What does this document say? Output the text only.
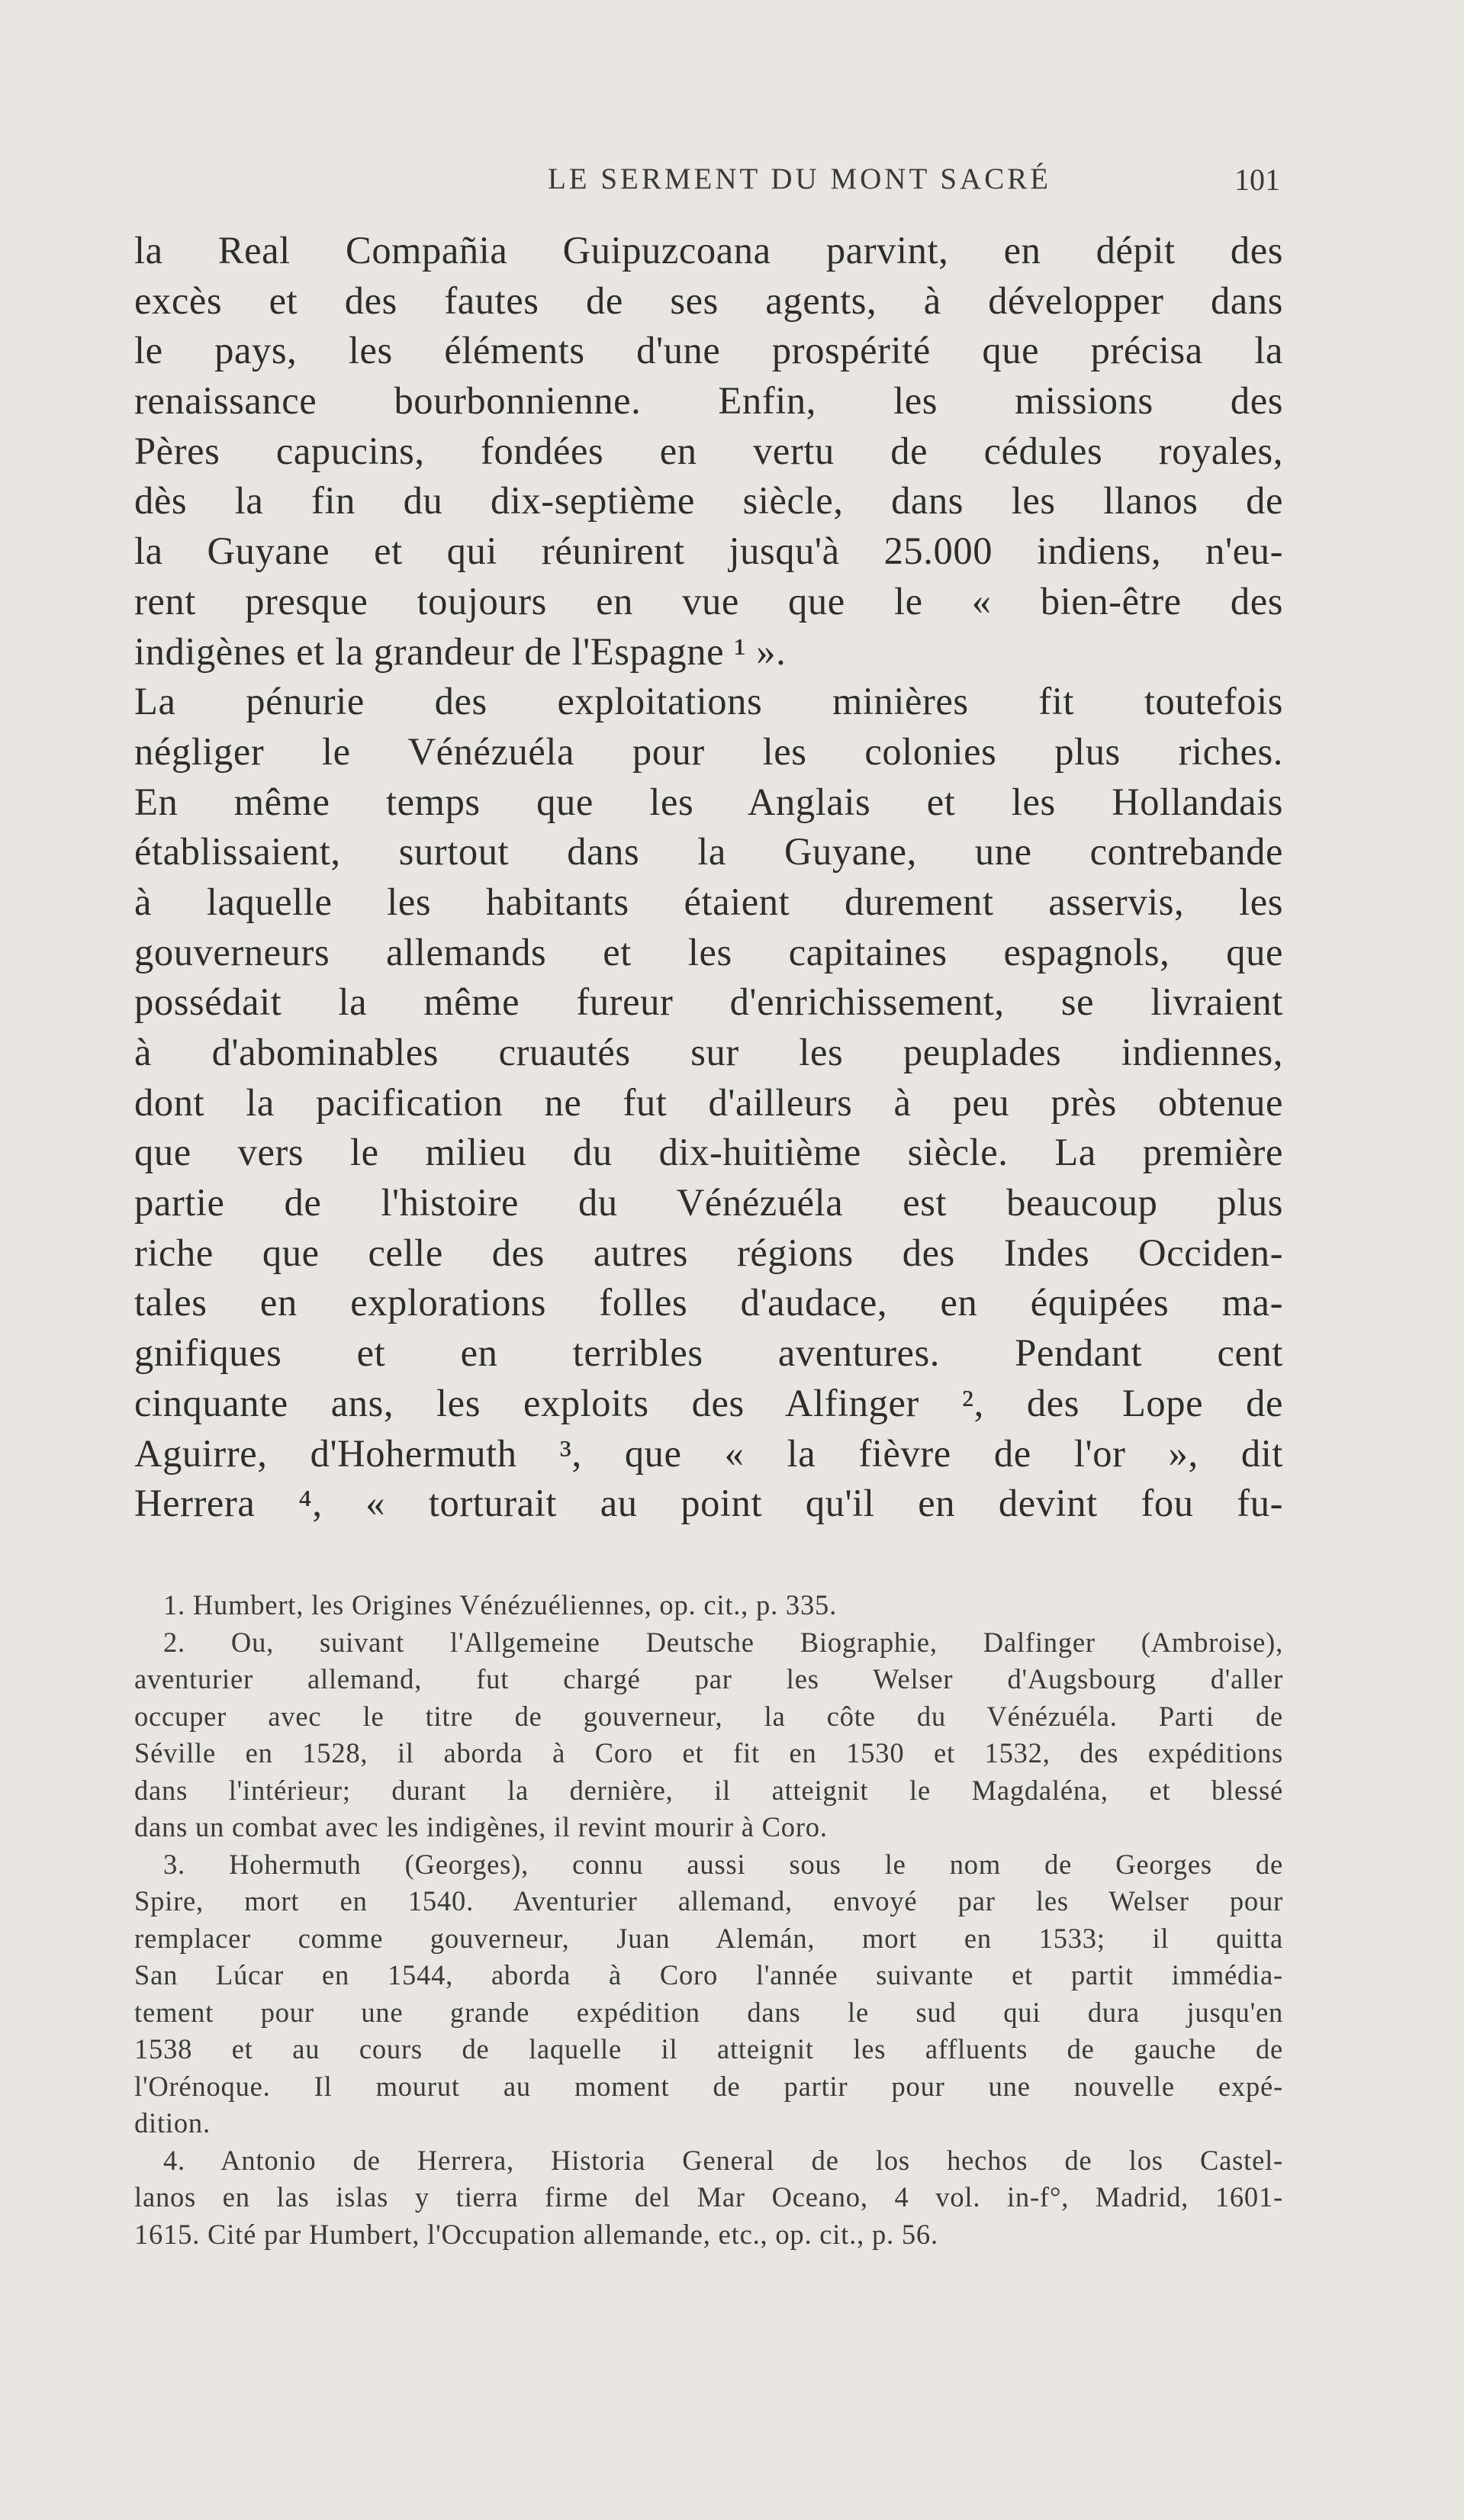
LE SERMENT DU MONT SACRÉ	101
la Real Compañia Guipuzcoana parvint, en dépit des
excès et des fautes de ses agents, à développer dans
le pays, les éléments d'une prospérité que précisa la
renaissance bourbonnienne. Enfin, les missions des
Pères capucins, fondées en vertu de cédules royales,
dès la fin du dix-septième siècle, dans les llanos de
la Guyane et qui réunirent jusqu'à 25.000 indiens, n'eu-
rent presque toujours en vue que le « bien-être des
indigènes et la grandeur de l'Espagne ¹ ».
La pénurie des exploitations minières fit toutefois
négliger le Vénézuéla pour les colonies plus riches.
En même temps que les Anglais et les Hollandais
établissaient, surtout dans la Guyane, une contrebande
à laquelle les habitants étaient durement asservis, les
gouverneurs allemands et les capitaines espagnols, que
possédait la même fureur d'enrichissement, se livraient
à d'abominables cruautés sur les peuplades indiennes,
dont la pacification ne fut d'ailleurs à peu près obtenue
que vers le milieu du dix-huitième siècle. La première
partie de l'histoire du Vénézuéla est beaucoup plus
riche que celle des autres régions des Indes Occiden-
tales en explorations folles d'audace, en équipées ma-
gnifiques et en terribles aventures. Pendant cent
cinquante ans, les exploits des Alfinger ², des Lope de
Aguirre, d'Hohermuth ³, que « la fièvre de l'or », dit
Herrera ⁴, « torturait au point qu'il en devint fou fu-
1. Humbert, les Origines Vénézuéliennes, op. cit., p. 335.
2. Ou, suivant l'Allgemeine Deutsche Biographie, Dalfinger (Ambroise),
aventurier allemand, fut chargé par les Welser d'Augsbourg d'aller
occuper avec le titre de gouverneur, la côte du Vénézuéla. Parti de
Séville en 1528, il aborda à Coro et fit en 1530 et 1532, des expéditions
dans l'intérieur; durant la dernière, il atteignit le Magdaléna, et blessé
dans un combat avec les indigènes, il revint mourir à Coro.
3. Hohermuth (Georges), connu aussi sous le nom de Georges de
Spire, mort en 1540. Aventurier allemand, envoyé par les Welser pour
remplacer comme gouverneur, Juan Alemán, mort en 1533; il quitta
San Lúcar en 1544, aborda à Coro l'année suivante et partit immédia-
tement pour une grande expédition dans le sud qui dura jusqu'en
1538 et au cours de laquelle il atteignit les affluents de gauche de
l'Orénoque. Il mourut au moment de partir pour une nouvelle expé-
dition.
4. Antonio de Herrera, Historia General de los hechos de los Castel-
lanos en las islas y tierra firme del Mar Oceano, 4 vol. in-f°, Madrid, 1601-
1615. Cité par Humbert, l'Occupation allemande, etc., op. cit., p. 56.
